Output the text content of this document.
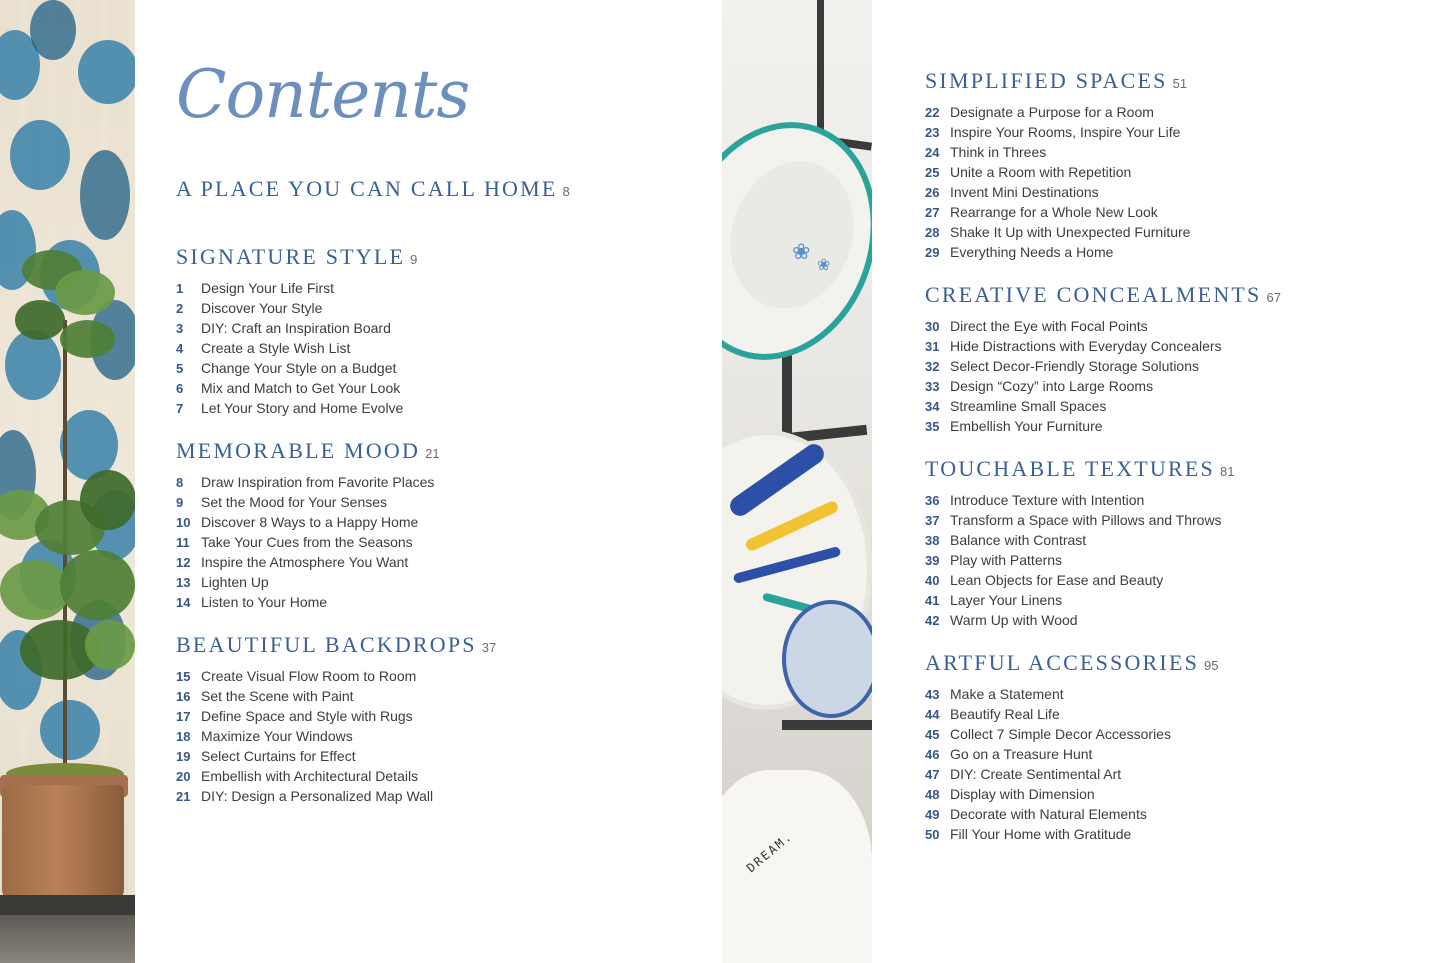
❀ ❀
DREAM.
Contents
A PLACE YOU CAN CALL HOME 8
SIGNATURE STYLE 9
1	Design Your Life First
2	Discover Your Style
3	DIY: Craft an Inspiration Board
4	Create a Style Wish List
5	Change Your Style on a Budget
6	Mix and Match to Get Your Look
7	Let Your Story and Home Evolve
MEMORABLE MOOD 21
8	Draw Inspiration from Favorite Places
9	Set the Mood for Your Senses
10 Discover 8 Ways to a Happy Home
11 Take Your Cues from the Seasons
12 Inspire the Atmosphere You Want
13 Lighten Up
14 Listen to Your Home
BEAUTIFUL BACKDROPS 37
15 Create Visual Flow Room to Room
16 Set the Scene with Paint
17 Define Space and Style with Rugs
18 Maximize Your Windows
19 Select Curtains for Effect
20 Embellish with Architectural Details
21 DIY: Design a Personalized Map Wall
SIMPLIFIED SPACES 51
22 Designate a Purpose for a Room
23 Inspire Your Rooms, Inspire Your Life
24 Think in Threes
25 Unite a Room with Repetition
26 Invent Mini Destinations
27 Rearrange for a Whole New Look
28 Shake It Up with Unexpected Furniture
29 Everything Needs a Home
CREATIVE CONCEALMENTS 67
30 Direct the Eye with Focal Points
31 Hide Distractions with Everyday Concealers
32 Select Decor-Friendly Storage Solutions
33 Design “Cozy” into Large Rooms
34 Streamline Small Spaces
35 Embellish Your Furniture
TOUCHABLE TEXTURES 81
36 Introduce Texture with Intention
37 Transform a Space with Pillows and Throws
38 Balance with Contrast
39 Play with Patterns
40 Lean Objects for Ease and Beauty
41 Layer Your Linens
42 Warm Up with Wood
ARTFUL ACCESSORIES 95
43 Make a Statement
44 Beautify Real Life
45 Collect 7 Simple Decor Accessories
46 Go on a Treasure Hunt
47 DIY: Create Sentimental Art
48 Display with Dimension
49 Decorate with Natural Elements
50 Fill Your Home with Gratitude
